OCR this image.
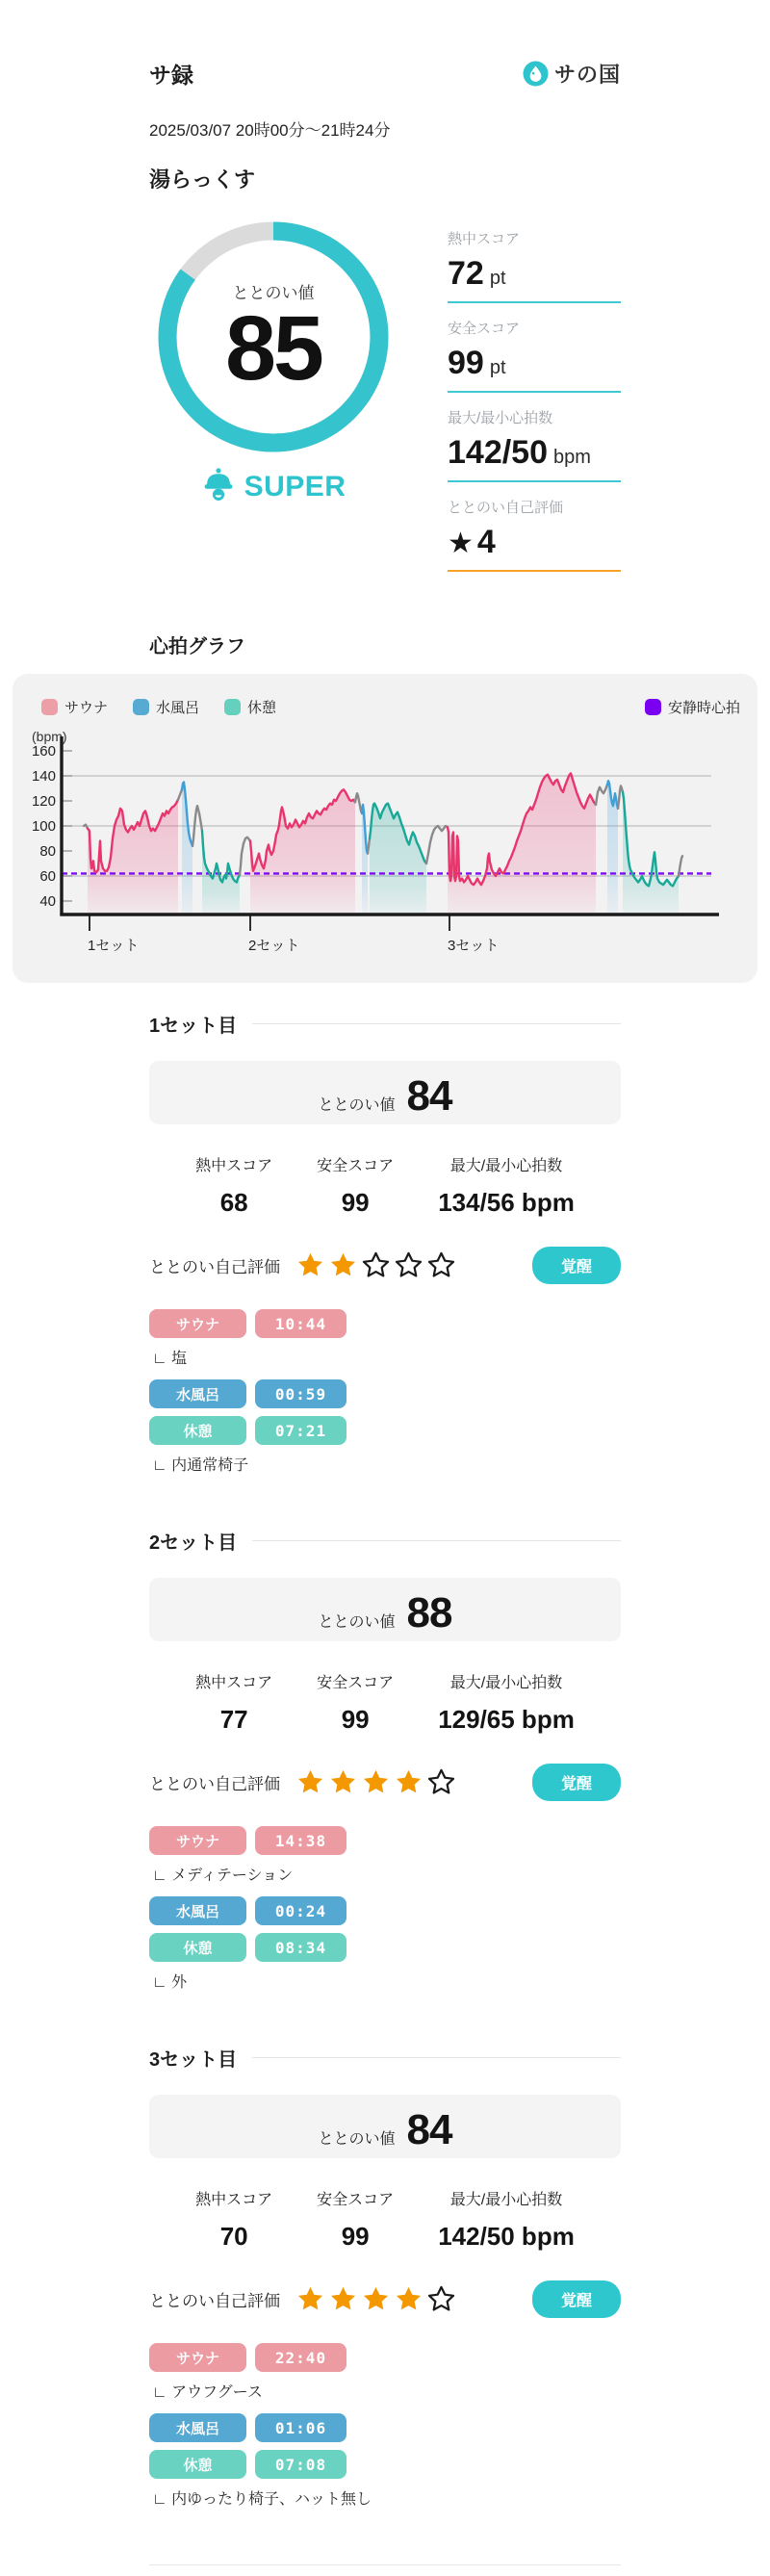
サ録	サの国
2025/03/07 20時00分〜21時24分
湯らっくす
ととのい値
85
SUPER
熱中スコア
72 pt
安全スコア
99 pt
最大/最小心拍数
142/50 bpm
ととのい自己評価
★ 4
心拍グラフ
サウナ	水風呂	休憩	安静時心拍
(bpm)
160
140
120
100
80
60
40
1セット	2セット	3セット
1セット目
ととのい値 84
熱中スコア
68
安全スコア
99
最大/最小心拍数
134/56 bpm
ととのい自己評価	覚醒
サウナ	10:44
∟ 塩
水風呂	00:59
休憩	07:21
∟ 内通常椅子
2セット目
ととのい値 88
熱中スコア
77
安全スコア
99
最大/最小心拍数
129/65 bpm
ととのい自己評価	覚醒
サウナ	14:38
∟ メディテーション
水風呂	00:24
休憩	08:34
∟ 外
3セット目
ととのい値 84
熱中スコア
70
安全スコア
99
最大/最小心拍数
142/50 bpm
ととのい自己評価	覚醒
サウナ	22:40
∟ アウフグース
水風呂	01:06
休憩	07:08
∟ 内ゆったり椅子、ハット無し
